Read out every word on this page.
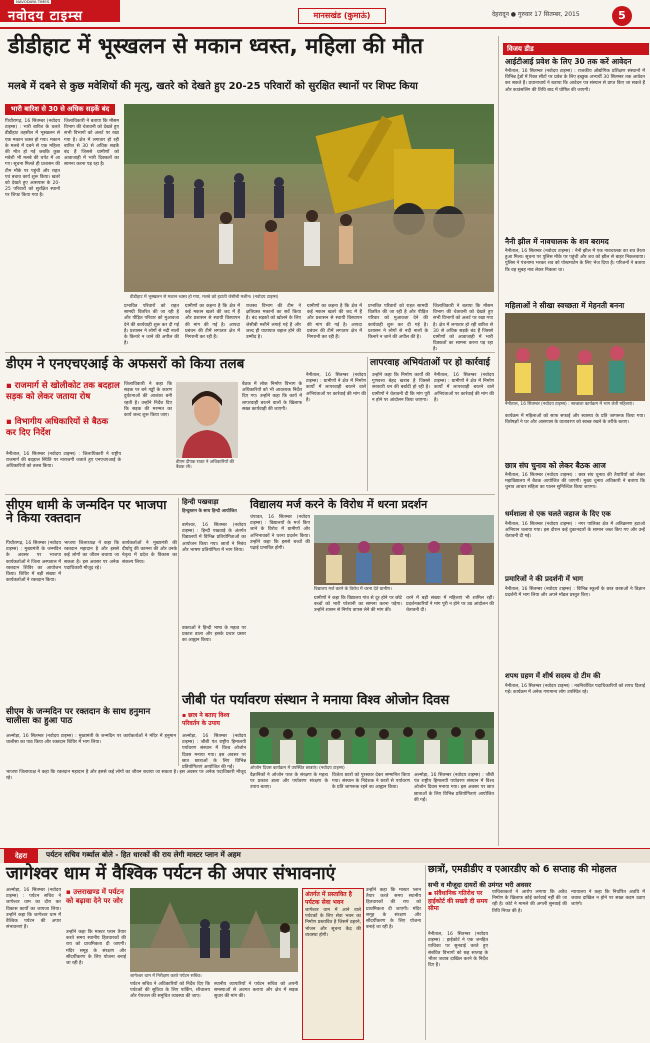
NAVODAYA TIMES
नवोदय टाइम्स	मानसखंड (कुमाऊं)	देहरादून ● गुरुवार 17 सितम्बर, 2015	5
डीडीहाट में भूस्खलन से मकान ध्वस्त, महिला की मौत
मलबे में दबने से कुछ मवेशियों की मृत्यु, खतरे को देखते हुए 20-25 परिवारों को सुरक्षित स्थानों पर शिफ्ट किया
भारी बारिश से 30 से अधिक सड़कें बंद
पिथौरागढ़, 16 सितम्बर (नवोदय टाइम्स) : भारी बारिश के चलते डीडीहाट तहसील में भूस्खलन से एक मकान ध्वस्त हो गया। मकान के मलबे में दबने से एक महिला की मौत हो गई जबकि कुछ मवेशी भी मलबे की चपेट में आ गए। सूचना मिलते ही प्रशासन की टीम मौके पर पहुंची और राहत एवं बचाव कार्य शुरू किया। खतरे को देखते हुए आसपास के 20-25 परिवारों को सुरक्षित स्थानों पर शिफ्ट किया गया है।
जिलाधिकारी ने बताया कि मौसम विभाग की चेतावनी को देखते हुए सभी विभागों को अलर्ट पर रखा गया है। क्षेत्र में लगातार हो रही बारिश से 30 से अधिक सड़कें बंद हैं जिससे ग्रामीणों को आवाजाही में भारी दिक्कतों का सामना करना पड़ रहा है।
डीडीहाट में भूस्खलन से मकान ध्वस्त हो गया, मलबे को हटाती जेसीबी मशीन। (नवोदय टाइम्स)
प्रभावित परिवारों को राहत सामग्री वितरित की जा रही है और पीड़ित परिवार को मुआवजा देने की कार्यवाही शुरू कर दी गई है। प्रशासन ने लोगों से नदी नालों के किनारे न जाने की अपील की है।
ग्रामीणों का कहना है कि क्षेत्र में कई मकान खतरे की जद में हैं और प्रशासन से स्थायी विस्थापन की मांग की गई है। आपदा प्रबंधन की टीमें लगातार क्षेत्र में निगरानी कर रही हैं।
राजस्व विभाग की टीम ने क्षतिग्रस्त मकानों का सर्वे किया है। बंद सड़कों को खोलने के लिए जेसीबी मशीनें लगाई गई हैं और जल्द ही यातायात बहाल होने की उम्मीद है।
ग्रामीणों का कहना है कि क्षेत्र में कई मकान खतरे की जद में हैं और प्रशासन से स्थायी विस्थापन की मांग की गई है। आपदा प्रबंधन की टीमें लगातार क्षेत्र में निगरानी कर रही हैं।
प्रभावित परिवारों को राहत सामग्री वितरित की जा रही है और पीड़ित परिवार को मुआवजा देने की कार्यवाही शुरू कर दी गई है। प्रशासन ने लोगों से नदी नालों के किनारे न जाने की अपील की है।
जिलाधिकारी ने बताया कि मौसम विभाग की चेतावनी को देखते हुए सभी विभागों को अलर्ट पर रखा गया है। क्षेत्र में लगातार हो रही बारिश से 30 से अधिक सड़कें बंद हैं जिससे ग्रामीणों को आवाजाही में भारी दिक्कतों का सामना करना पड़ रहा है।
विजय डीड
आईटीआई प्रवेश के लिए 30 तक करें आवेदन
नैनीताल, 16 सितम्बर (नवोदय टाइम्स) : राजकीय औद्योगिक प्रशिक्षण संस्थानों में विभिन्न ट्रेडों में रिक्त सीटों पर प्रवेश के लिए इच्छुक अभ्यर्थी 30 सितम्बर तक आवेदन कर सकते हैं। प्रधानाचार्य ने बताया कि आवेदन पत्र संस्थान से प्राप्त किए जा सकते हैं और काउंसलिंग की तिथि बाद में घोषित की जाएगी।
नैनी झील में नावचालक के शव बरामद
नैनीताल, 16 सितम्बर (नवोदय टाइम्स) : नैनी झील में एक नावचालक का शव तैरता हुआ मिला। सूचना पर पुलिस मौके पर पहुंची और शव को झील से बाहर निकलवाया। पुलिस ने पंचनामा भरकर शव को पोस्टमार्टम के लिए भेज दिया है। परिजनों ने बताया कि वह सुबह नाव लेकर निकला था।
महिलाओं ने सीखा स्वच्छता में मेहनती बनना
नैनीताल, 16 सितम्बर (नवोदय टाइम्स) : स्वच्छता कार्यक्रम में भाग लेती महिलाएं।
कार्यक्रम में महिलाओं को साफ सफाई और स्वास्थ्य के प्रति जागरूक किया गया। विशेषज्ञों ने घर और आसपास के वातावरण को स्वच्छ रखने के तरीके बताए।
छात्र संघ चुनाव को लेकर बैठक आज
नैनीताल, 16 सितम्बर (नवोदय टाइम्स) : छात्र संघ चुनाव की तैयारियों को लेकर महाविद्यालय में बैठक आयोजित की जाएगी। मुख्य चुनाव अधिकारी ने बताया कि चुनाव आचार संहिता का पालन सुनिश्चित किया जाएगा।
धर्मशाला से एक चलते जहाज के दिए एक
नैनीताल, 16 सितम्बर (नवोदय टाइम्स) : नगर पालिका क्षेत्र में अतिक्रमण हटाओ अभियान चलाया गया। इस दौरान कई दुकानदारों के सामान जब्त किए गए और उन्हें चेतावनी दी गई।
प्रमारिजों ने की प्रदर्शनी में भाग
नैनीताल, 16 सितम्बर (नवोदय टाइम्स) : विभिन्न स्कूलों के छात्र छात्राओं ने विज्ञान प्रदर्शनी में भाग लिया और अपने मॉडल प्रस्तुत किए।
शपथ ग्रहण में शीर्ष सदस्य दो टीम की
नैनीताल, 16 सितम्बर (नवोदय टाइम्स) : नवनिर्वाचित पदाधिकारियों को शपथ दिलाई गई। कार्यक्रम में अनेक गणमान्य लोग उपस्थित रहे।
डीएम ने एनएचएआई के अफसरों को किया तलब
▪ राजमार्ग से खोलीकोट तक बदहाल सड़क को लेकर जताया रोष
▪ विभागीय अधिकारियों से बैठक कर दिए निर्देश
नैनीताल, 16 सितम्बर (नवोदय टाइम्स) : जिलाधिकारी ने राष्ट्रीय राजमार्ग की बदहाल स्थिति पर नाराजगी जताते हुए एनएचएआई के अधिकारियों को तलब किया।
जिलाधिकारी ने कहा कि सड़क पर बने गड्ढों के कारण दुर्घटनाओं की आशंका बनी रहती है। उन्होंने निर्देश दिए कि सड़क की मरम्मत का कार्य जल्द शुरू किया जाए।
डीएम दीपक रावत ने अधिकारियों की बैठक ली।
बैठक में लोक निर्माण विभाग के अधिकारियों को भी आवश्यक निर्देश दिए गए। उन्होंने कहा कि कार्य में लापरवाही बरतने वालों के खिलाफ सख्त कार्यवाही की जाएगी।
लापरवाह अभियंताओं पर हो कार्रवाई
नैनीताल, 16 सितम्बर (नवोदय टाइम्स) : ग्रामीणों ने क्षेत्र में निर्माण कार्यों में लापरवाही बरतने वाले अभियंताओं पर कार्रवाई की मांग की है।
उन्होंने कहा कि निर्माण कार्यों की गुणवत्ता बेहद खराब है जिससे सरकारी धन की बर्बादी हो रही है। ग्रामीणों ने चेतावनी दी कि मांग पूरी न होने पर आंदोलन किया जाएगा।
नैनीताल, 16 सितम्बर (नवोदय टाइम्स) : ग्रामीणों ने क्षेत्र में निर्माण कार्यों में लापरवाही बरतने वाले अभियंताओं पर कार्रवाई की मांग की है।
सीएम धामी के जन्मदिन पर भाजपा ने किया रक्तदान
पिथौरागढ़, 16 सितम्बर (नवोदय टाइम्स) : मुख्यमंत्री के जन्मदिन के अवसर पर भाजपा कार्यकर्ताओं ने जिला अस्पताल में रक्तदान शिविर का आयोजन किया। शिविर में बड़ी संख्या में कार्यकर्ताओं ने रक्तदान किया।
भाजपा जिलाध्यक्ष ने कहा कि रक्तदान महादान है और इससे कई लोगों का जीवन बचाया जा सकता है। इस अवसर पर अनेक पदाधिकारी मौजूद रहे।
कार्यकर्ताओं ने मुख्यमंत्री की दीर्घायु की कामना की और उनके नेतृत्व में प्रदेश के विकास का संकल्प लिया।
सीएम के जन्मदिन पर रक्तदान के साथ हनुमान चालीसा का हुआ पाठ
अल्मोड़ा, 16 सितम्बर (नवोदय टाइम्स) : मुख्यमंत्री के जन्मदिन पर कार्यकर्ताओं ने मंदिर में हनुमान चालीसा का पाठ किया और रक्तदान शिविर में भाग लिया।
हिन्दी पखवाड़ा
हिन्दुस्तान के साथ हिन्दी आयोजित
बागेश्वर, 16 सितम्बर (नवोदय टाइम्स) : हिन्दी पखवाड़े के अंतर्गत विद्यालयों में विभिन्न प्रतियोगिताओं का आयोजन किया गया। छात्रों ने निबंध और भाषण प्रतियोगिता में भाग लिया।
वक्ताओं ने हिन्दी भाषा के महत्व पर प्रकाश डाला और इसके प्रचार प्रसार का आह्वान किया।
विद्यालय मर्ज करने के विरोध में धरना प्रदर्शन
चंपावत, 16 सितम्बर (नवोदय टाइम्स) : विद्यालयों के मर्ज किए जाने के विरोध में ग्रामीणों और अभिभावकों ने धरना प्रदर्शन किया। उन्होंने कहा कि इससे बच्चों की पढ़ाई प्रभावित होगी।
विद्यालय मर्ज करने के विरोध में धरना देते ग्रामीण।
ग्रामीणों ने कहा कि विद्यालय गांव से दूर होने पर छोटे बच्चों को भारी परेशानी का सामना करना पड़ेगा। उन्होंने शासन से निर्णय वापस लेने की मांग की।
धरने में बड़ी संख्या में महिलाएं भी शामिल रहीं। प्रदर्शनकारियों ने मांग पूरी न होने पर उग्र आंदोलन की चेतावनी दी।
जीबी पंत पर्यावरण संस्थान ने मनाया विश्व ओजोन दिवस
▪ छात्र ने बताए विश्व परिवर्तन के उपाय
अल्मोड़ा, 16 सितम्बर (नवोदय टाइम्स) : जीबी पंत राष्ट्रीय हिमालयी पर्यावरण संस्थान में विश्व ओजोन दिवस मनाया गया। इस अवसर पर छात्र छात्राओं के लिए विभिन्न प्रतियोगिताएं आयोजित की गईं।	ओजोन दिवस कार्यक्रम में उपस्थित छात्राएं। (नवोदय टाइम्स)
वैज्ञानिकों ने ओजोन परत के संरक्षण के महत्व पर प्रकाश डाला और पर्यावरण संरक्षण के उपाय बताए।
विजेता छात्रों को पुरस्कार देकर सम्मानित किया गया। संस्थान के निदेशक ने छात्रों से पर्यावरण के प्रति जागरूक रहने का आह्वान किया।
अल्मोड़ा, 16 सितम्बर (नवोदय टाइम्स) : जीबी पंत राष्ट्रीय हिमालयी पर्यावरण संस्थान में विश्व ओजोन दिवस मनाया गया। इस अवसर पर छात्र छात्राओं के लिए विभिन्न प्रतियोगिताएं आयोजित की गईं।
भाजपा जिलाध्यक्ष ने कहा कि रक्तदान महादान है और इससे कई लोगों का जीवन बचाया जा सकता है। इस अवसर पर अनेक पदाधिकारी मौजूद रहे।
देहरा	पर्यटन सचिव गर्ब्याल बोले - हित धारकों की राय लेगी मास्टर प्लान में अहम
जागेश्वर धाम में वैश्विक पर्यटन की अपार संभावनाएं
अल्मोड़ा, 16 सितम्बर (नवोदय टाइम्स) : पर्यटन सचिव ने जागेश्वर धाम का दौरा कर विकास कार्यों का जायजा लिया। उन्होंने कहा कि जागेश्वर धाम में वैश्विक पर्यटन की अपार संभावनाएं हैं।
▪ उत्तराखण्ड में पर्यटन को बढ़ावा देने पर जोर
उन्होंने कहा कि मास्टर प्लान तैयार करते समय स्थानीय हितधारकों की राय को प्राथमिकता दी जाएगी। मंदिर समूह के संरक्षण और सौंदर्यीकरण के लिए योजना बनाई जा रही है।
जागेश्वर धाम में निरीक्षण करते पर्यटन सचिव।
पर्यटन सचिव ने अधिकारियों को निर्देश दिए कि पर्यटकों की सुविधा के लिए पार्किंग, शौचालय और पेयजल की समुचित व्यवस्था की जाए।
स्थानीय व्यापारियों ने पर्यटन सचिव को अपनी समस्याओं से अवगत कराया और क्षेत्र में सड़क सुधार की मांग की।
अंतर्गत में प्रस्तावित है पर्यटक सेवा भवन
जागेश्वर धाम में आने वाले पर्यटकों के लिए सेवा भवन का निर्माण प्रस्तावित है जिसमें ठहरने, भोजन और सूचना केंद्र की व्यवस्था होगी।
उन्होंने कहा कि मास्टर प्लान तैयार करते समय स्थानीय हितधारकों की राय को प्राथमिकता दी जाएगी। मंदिर समूह के संरक्षण और सौंदर्यीकरण के लिए योजना बनाई जा रही है।
छात्रों, एमडीडीए व एआरडीए को 6 सप्ताह की मोहलत
सभी व मौजूदा दायरों की उमंगत भरी अवसर
▪ संवैधानिक गतिरोध पर हाईकोर्ट की सख्ती दी समय सीमा
नैनीताल, 16 सितम्बर (नवोदय टाइम्स) : हाईकोर्ट ने एक जनहित याचिका पर सुनवाई करते हुए संबंधित विभागों को छह सप्ताह के भीतर जवाब दाखिल करने के निर्देश दिए हैं।
याचिकाकर्ता ने आरोप लगाया कि अवैध निर्माण के खिलाफ कोई कार्रवाई नहीं की जा रही है। कोर्ट ने मामले की अगली सुनवाई की तिथि नियत की है।
न्यायालय ने कहा कि निर्धारित अवधि में जवाब दाखिल न होने पर सख्त कदम उठाए जाएंगे।
